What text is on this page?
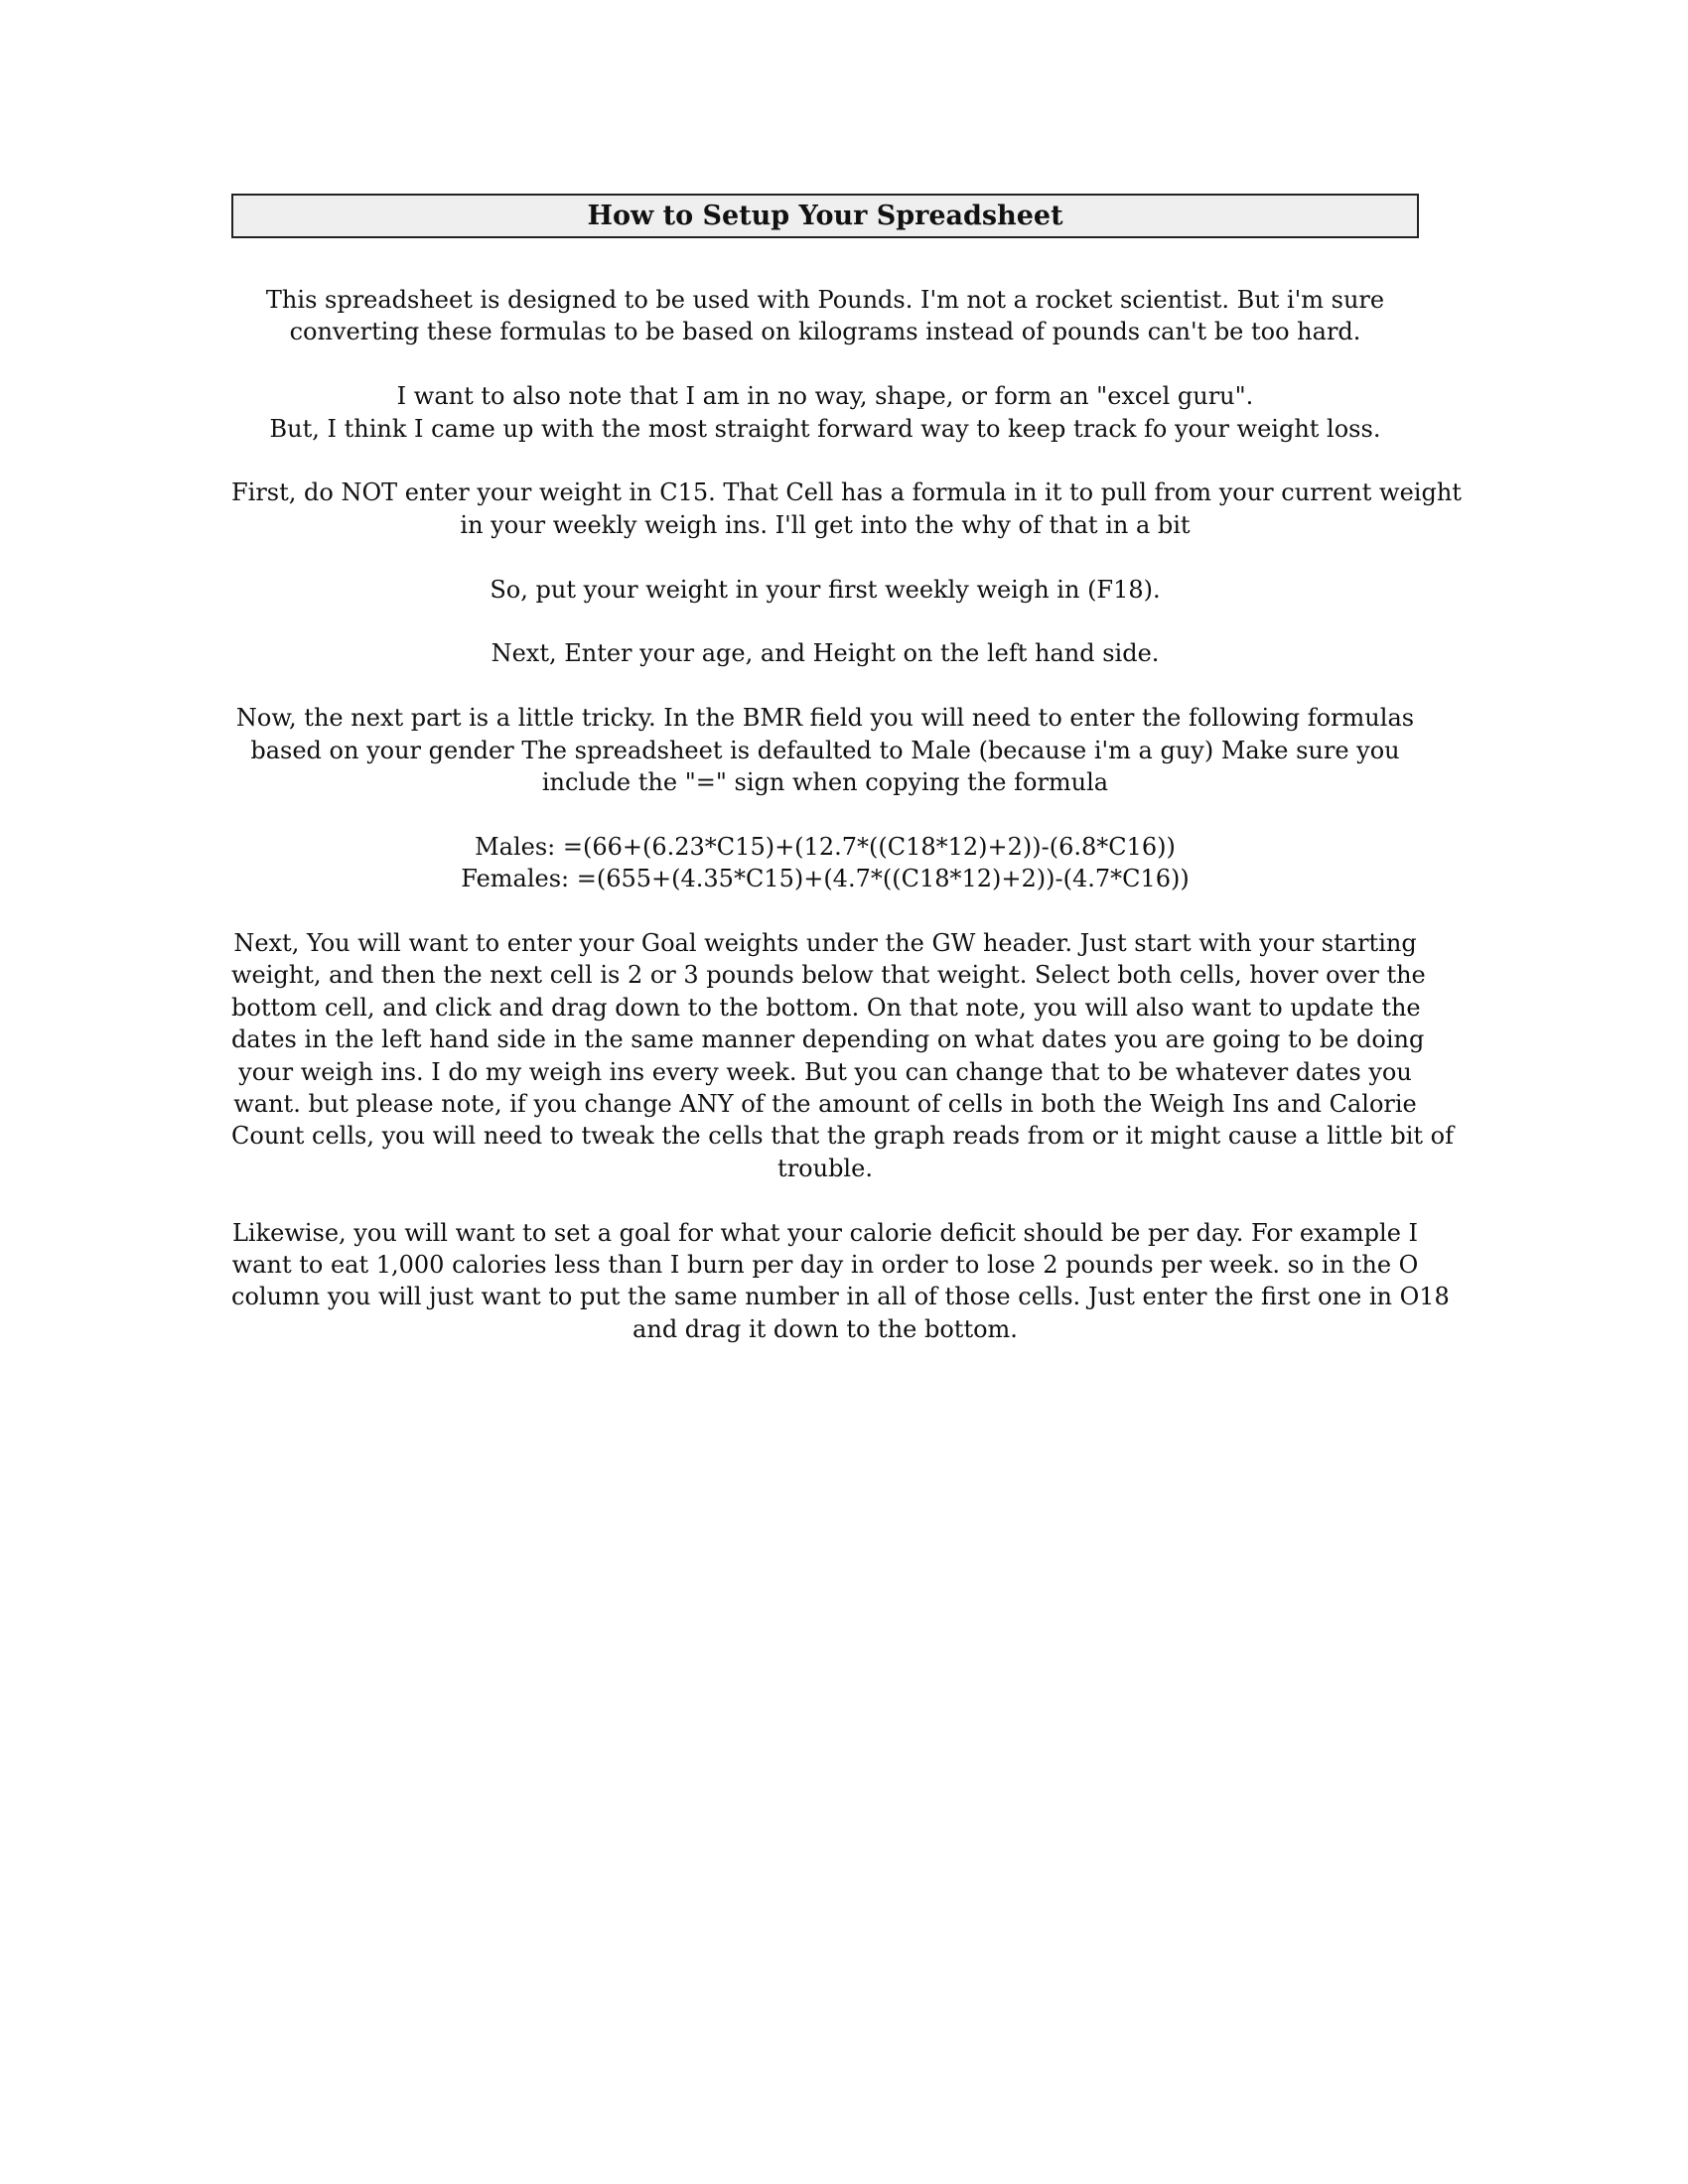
How to Setup Your Spreadsheet
This spreadsheet is designed to be used with Pounds. I'm not a rocket scientist. But i'm sure
converting these formulas to be based on kilograms instead of pounds can't be too hard.
I want to also note that I am in no way, shape, or form an "excel guru".
But, I think I came up with the most straight forward way to keep track fo your weight loss.
First, do NOT enter your weight in C15. That Cell has a formula in it to pull from your current weight
in your weekly weigh ins. I'll get into the why of that in a bit
So, put your weight in your first weekly weigh in (F18).
Next, Enter your age, and Height on the left hand side.
Now, the next part is a little tricky. In the BMR field you will need to enter the following formulas
based on your gender The spreadsheet is defaulted to Male (because i'm a guy) Make sure you
include the "=" sign when copying the formula
Males: =(66+(6.23*C15)+(12.7*((C18*12)+2))-(6.8*C16))
Females: =(655+(4.35*C15)+(4.7*((C18*12)+2))-(4.7*C16))
Next, You will want to enter your Goal weights under the GW header. Just start with your starting
weight, and then the next cell is 2 or 3 pounds below that weight. Select both cells, hover over the
bottom cell, and click and drag down to the bottom. On that note, you will also want to update the
dates in the left hand side in the same manner depending on what dates you are going to be doing
your weigh ins. I do my weigh ins every week. But you can change that to be whatever dates you
want. but please note, if you change ANY of the amount of cells in both the Weigh Ins and Calorie
Count cells, you will need to tweak the cells that the graph reads from or it might cause a little bit of
trouble.
Likewise, you will want to set a goal for what your calorie deficit should be per day. For example I
want to eat 1,000 calories less than I burn per day in order to lose 2 pounds per week. so in the O
column you will just want to put the same number in all of those cells. Just enter the first one in O18
and drag it down to the bottom.
